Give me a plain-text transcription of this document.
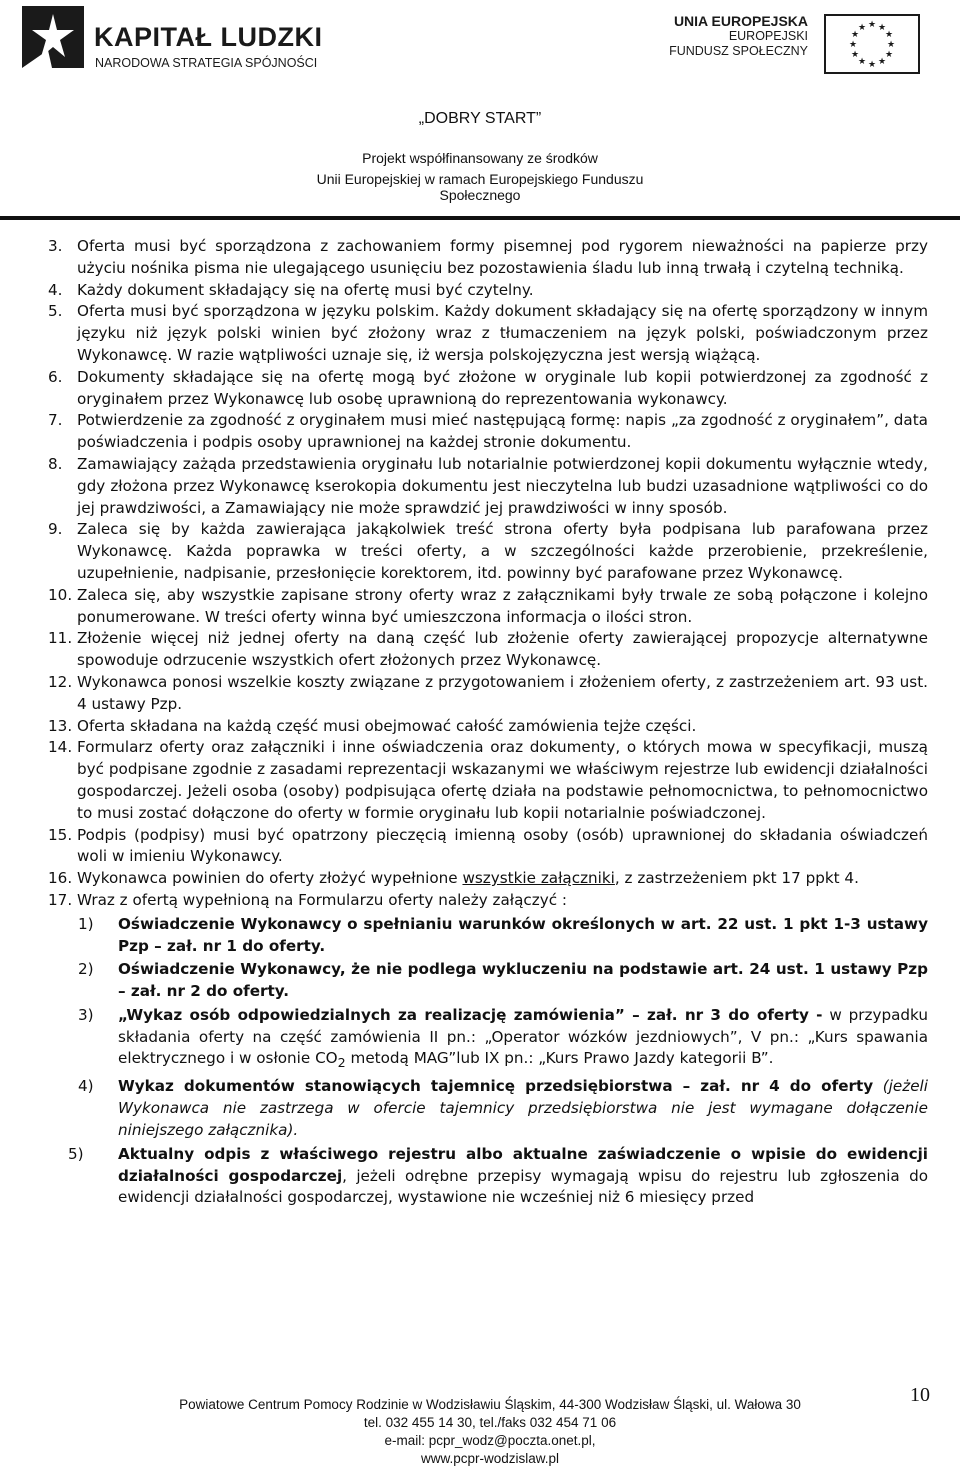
KAPITAŁ LUDZKI
NARODOWA STRATEGIA SPÓJNOŚCI
UNIA EUROPEJSKA
EUROPEJSKI
FUNDUSZ SPOŁECZNY
★ ★
★
★
★
★
★
★
★
★
★
★
„DOBRY START”
Projekt współfinansowany ze środków
Unii Europejskiej w ramach Europejskiego Funduszu Społecznego
3. Oferta musi być sporządzona z zachowaniem formy pisemnej pod rygorem nieważności na papierze przy użyciu nośnika pisma nie ulegającego usunięciu bez pozostawienia śladu lub inną trwałą i czytelną techniką.
4. Każdy dokument składający się na ofertę musi być czytelny.
5. Oferta musi być sporządzona w języku polskim. Każdy dokument składający się na ofertę sporządzony w innym języku niż język polski winien być złożony wraz z tłumaczeniem na język polski, poświadczonym przez Wykonawcę. W razie wątpliwości uznaje się, iż wersja polskojęzyczna jest wersją wiążącą.
6. Dokumenty składające się na ofertę mogą być złożone w oryginale lub kopii potwierdzonej za zgodność z oryginałem przez Wykonawcę lub osobę uprawnioną do reprezentowania wykonawcy.
7. Potwierdzenie za zgodność z oryginałem musi mieć następującą formę: napis „za zgodność z oryginałem”, data poświadczenia i podpis osoby uprawnionej na każdej stronie dokumentu.
8. Zamawiający zażąda przedstawienia oryginału lub notarialnie potwierdzonej kopii dokumentu wyłącznie wtedy, gdy złożona przez Wykonawcę kserokopia dokumentu jest nieczytelna lub budzi uzasadnione wątpliwości co do jej prawdziwości, a Zamawiający nie może sprawdzić jej prawdziwości w inny sposób.
9. Zaleca się by każda zawierająca jakąkolwiek treść strona oferty była podpisana lub parafowana przez Wykonawcę. Każda poprawka w treści oferty, a w szczególności każde przerobienie, przekreślenie, uzupełnienie, nadpisanie, przesłonięcie korektorem, itd. powinny być parafowane przez Wykonawcę.
10. Zaleca się, aby wszystkie zapisane strony oferty wraz z załącznikami były trwale ze sobą połączone i kolejno ponumerowane. W treści oferty winna być umieszczona informacja o ilości stron.
11. Złożenie więcej niż jednej oferty na daną część lub złożenie oferty zawierającej propozycje alternatywne spowoduje odrzucenie wszystkich ofert złożonych przez Wykonawcę.
12. Wykonawca ponosi wszelkie koszty związane z przygotowaniem i złożeniem oferty, z zastrzeżeniem art. 93 ust. 4 ustawy Pzp.
13. Oferta składana na każdą część musi obejmować całość zamówienia tejże części.
14. Formularz oferty oraz załączniki i inne oświadczenia oraz dokumenty, o których mowa w specyfikacji, muszą być podpisane zgodnie z zasadami reprezentacji wskazanymi we właściwym rejestrze lub ewidencji działalności gospodarczej. Jeżeli osoba (osoby) podpisująca ofertę działa na podstawie pełnomocnictwa, to pełnomocnictwo to musi zostać dołączone do oferty w formie oryginału lub kopii notarialnie poświadczonej.
15. Podpis (podpisy) musi być opatrzony pieczęcią imienną osoby (osób) uprawnionej do składania oświadczeń woli w imieniu Wykonawcy.
16. Wykonawca powinien do oferty złożyć wypełnione wszystkie załączniki, z zastrzeżeniem pkt 17 ppkt 4.
17. Wraz z ofertą wypełnioną na Formularzu oferty należy załączyć :
1) Oświadczenie Wykonawcy o spełnianiu warunków określonych w art. 22 ust. 1 pkt 1-3 ustawy Pzp – zał. nr 1 do oferty.
2) Oświadczenie Wykonawcy, że nie podlega wykluczeniu na podstawie art. 24 ust. 1 ustawy Pzp – zał. nr 2 do oferty.
3) „Wykaz osób odpowiedzialnych za realizację zamówienia” – zał. nr 3 do oferty - w przypadku składania oferty na część zamówienia II pn.: „Operator wózków jezdniowych”, V pn.: „Kurs spawania elektrycznego i w osłonie $CO_2$ metodą MAG”lub IX pn.: „Kurs Prawo Jazdy kategorii B”.
4) Wykaz dokumentów stanowiących tajemnicę przedsiębiorstwa – zał. nr 4 do oferty (jeżeli Wykonawca nie zastrzega w ofercie tajemnicy przedsiębiorstwa nie jest wymagane dołączenie niniejszego załącznika).
5) Aktualny odpis z właściwego rejestru albo aktualne zaświadczenie o wpisie do ewidencji działalności gospodarczej, jeżeli odrębne przepisy wymagają wpisu do rejestru lub zgłoszenia do ewidencji działalności gospodarczej, wystawione nie wcześniej niż 6 miesięcy przed
Powiatowe Centrum Pomocy Rodzinie w Wodzisławiu Śląskim, 44-300 Wodzisław Śląski, ul. Wałowa 30
tel. 032 455 14 30, tel./faks 032 454 71 06
e-mail: pcpr_wodz@poczta.onet.pl,
www.pcpr-wodzislaw.pl
10
